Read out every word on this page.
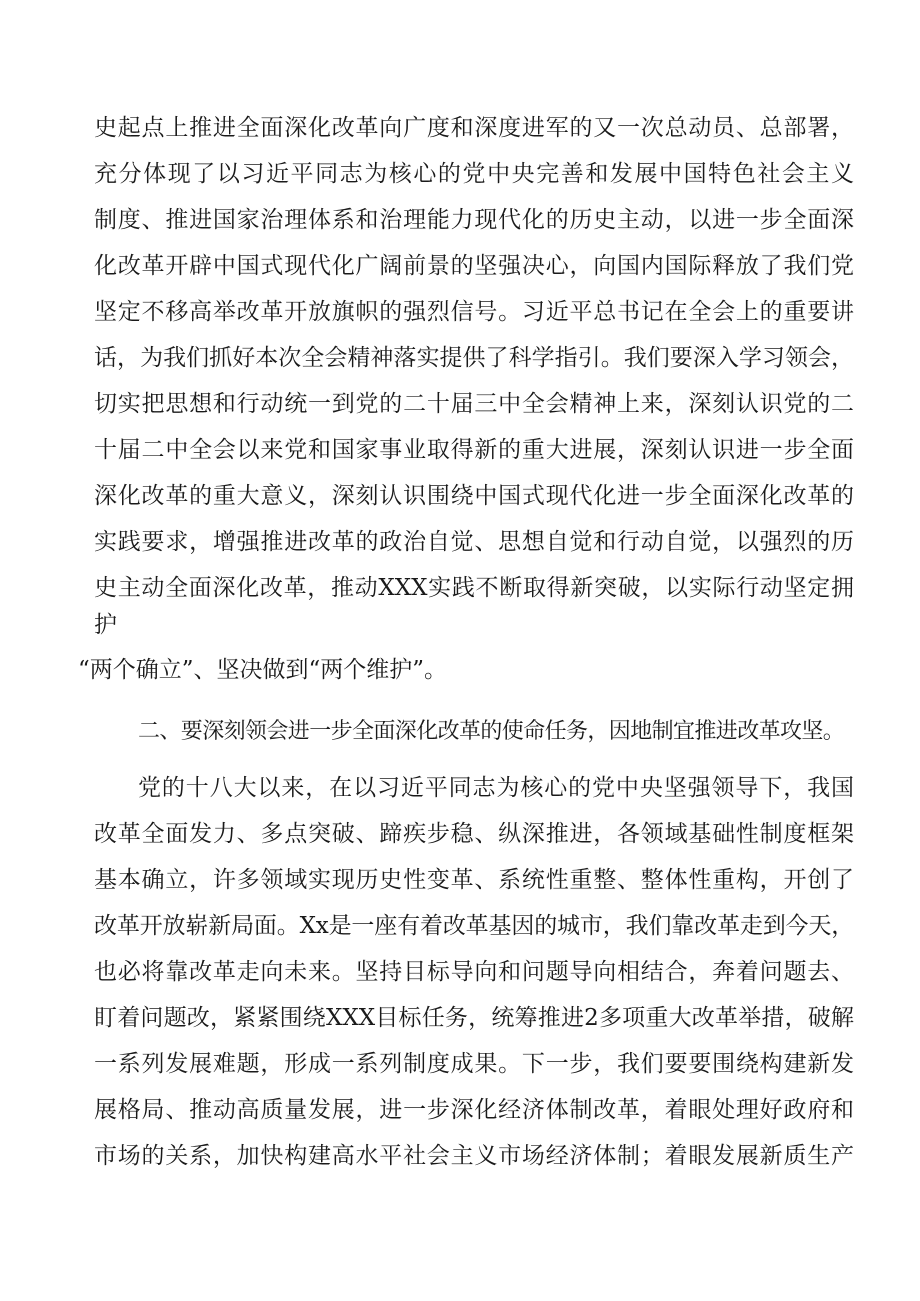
史起点上推进全面深化改革向广度和深度进军的又一次总动员、总部署，

充分体现了以习近平同志为核心的党中央完善和发展中国特色社会主义

制度、推进国家治理体系和治理能力现代化的历史主动，以进一步全面深

化改革开辟中国式现代化广阔前景的坚强决心，向国内国际释放了我们党

坚定不移高举改革开放旗帜的强烈信号。习近平总书记在全会上的重要讲

话，为我们抓好本次全会精神落实提供了科学指引。我们要深入学习领会，

切实把思想和行动统一到党的二十届三中全会精神上来，深刻认识党的二

十届二中全会以来党和国家事业取得新的重大进展，深刻认识进一步全面

深化改革的重大意义，深刻认识围绕中国式现代化进一步全面深化改革的

实践要求，增强推进改革的政治自觉、思想自觉和行动自觉，以强烈的历

史主动全面深化改革，推动XXX实践不断取得新突破，以实际行动坚定拥

护

“两个确立”、坚决做到“两个维护”。

二、要深刻领会进一步全面深化改革的使命任务，因地制宜推进改革攻坚。

党的十八大以来，在以习近平同志为核心的党中央坚强领导下，我国

改革全面发力、多点突破、蹄疾步稳、纵深推进，各领域基础性制度框架

基本确立，许多领域实现历史性变革、系统性重整、整体性重构，开创了

改革开放崭新局面。Xx是一座有着改革基因的城市，我们靠改革走到今天，

也必将靠改革走向未来。坚持目标导向和问题导向相结合，奔着问题去、

盯着问题改，紧紧围绕XXX目标任务，统筹推进2多项重大改革举措，破解

一系列发展难题，形成一系列制度成果。下一步，我们要要围绕构建新发

展格局、推动高质量发展，进一步深化经济体制改革，着眼处理好政府和

市场的关系，加快构建高水平社会主义市场经济体制；着眼发展新质生产
